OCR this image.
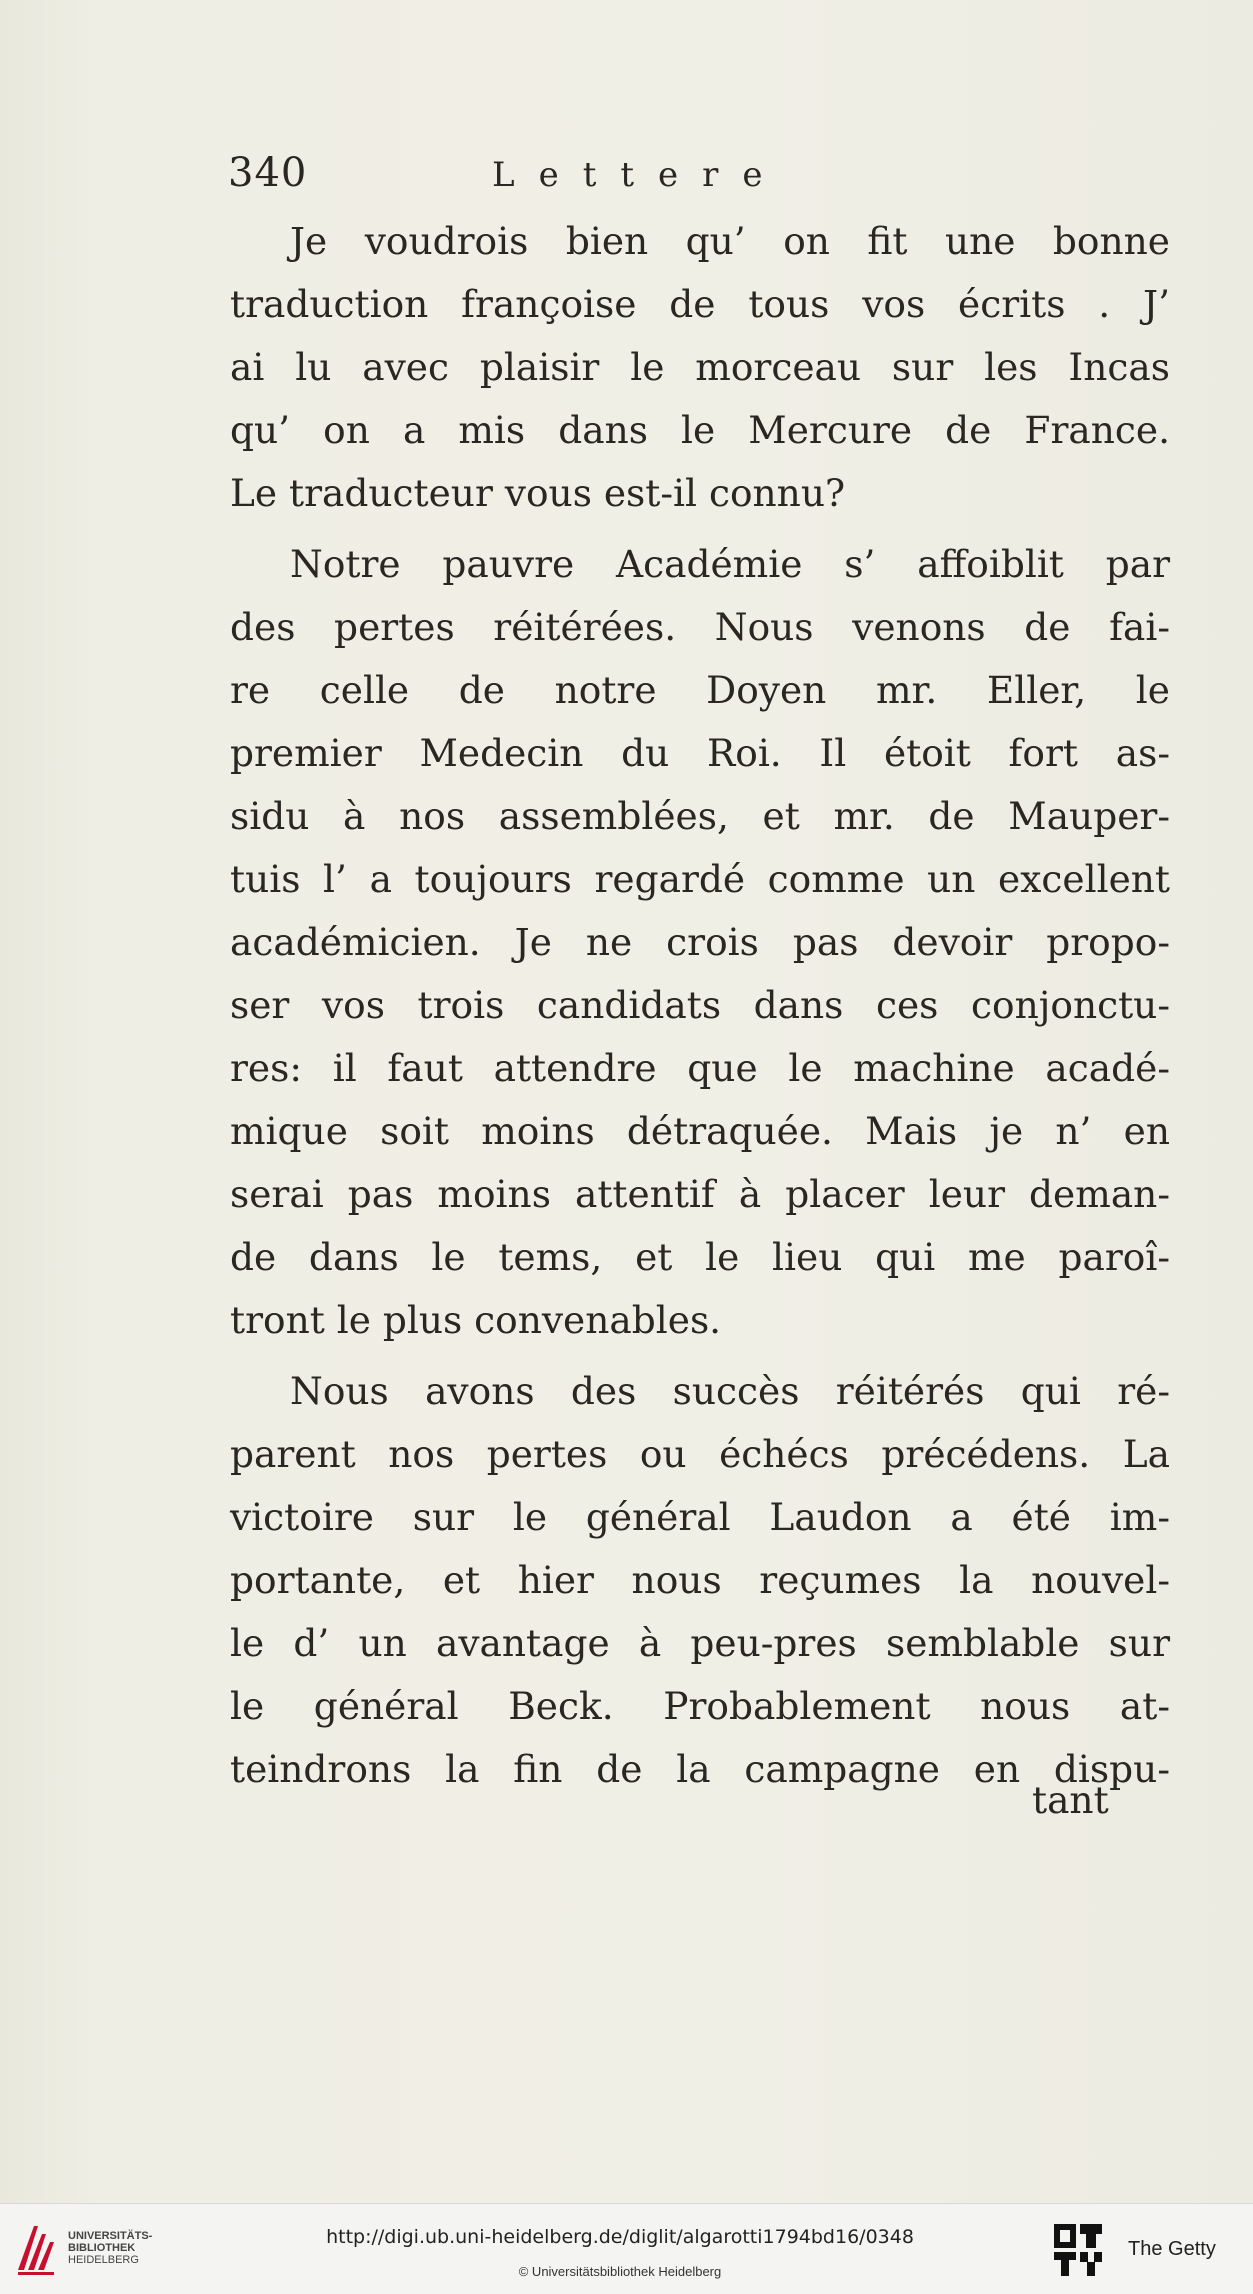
340	Lettere
Je voudrois bien qu’ on fit une bonne
traduction françoise de tous vos écrits . J’
ai lu avec plaisir le morceau sur les Incas
qu’ on a mis dans le Mercure de France.
Le traducteur vous est-il connu?
Notre pauvre Académie s’ affoiblit par
des pertes réitérées. Nous venons de fai-
re celle de notre Doyen mr. Eller, le
premier Medecin du Roi. Il étoit fort as-
sidu à nos assemblées, et mr. de Mauper-
tuis l’ a toujours regardé comme un excellent
académicien. Je ne crois pas devoir propo-
ser vos trois candidats dans ces conjonctu-
res: il faut attendre que le machine acadé-
mique soit moins détraquée. Mais je n’ en
serai pas moins attentif à placer leur deman-
de dans le tems, et le lieu qui me paroî-
tront le plus convenables.
Nous avons des succès réitérés qui ré-
parent nos pertes ou échécs précédens. La
victoire sur le général Laudon a été im-
portante, et hier nous reçumes la nouvel-
le d’ un avantage à peu-pres semblable sur
le général Beck. Probablement nous at-
teindrons la fin de la campagne en dispu-
tant
UNIVERSITÄTS-
BIBLIOTHEK
HEIDELBERG
http://digi.ub.uni-heidelberg.de/diglit/algarotti1794bd16/0348
© Universitätsbibliothek Heidelberg
The Getty
